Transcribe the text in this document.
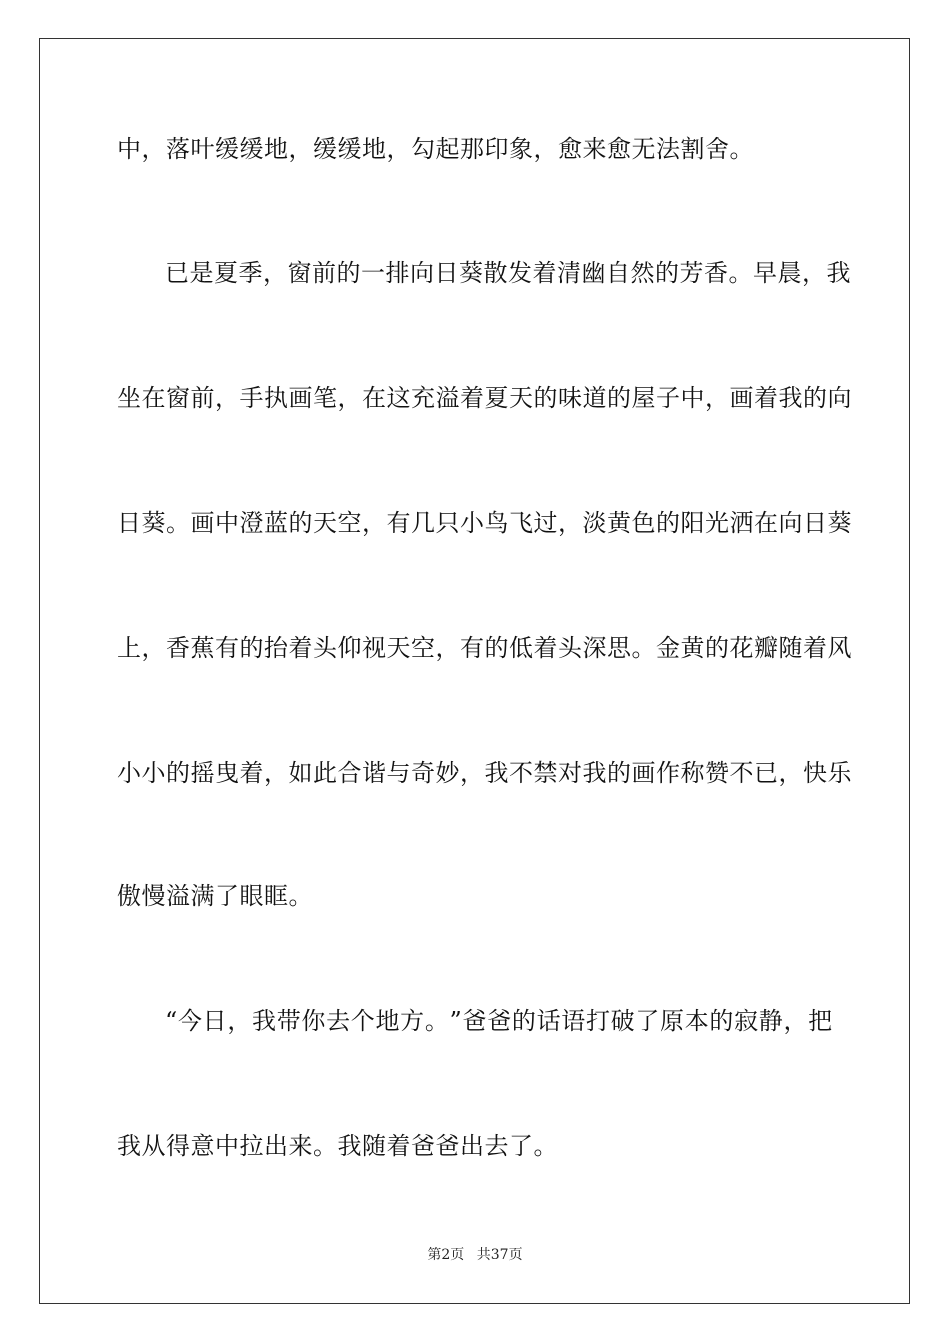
中，落叶缓缓地，缓缓地，勾起那印象，愈来愈无法割舍。
已 是 夏 季 ， 窗 前 的 一 排 向 日 葵 散 发 着 清 幽 自 然 的 芳 香 。 早 晨 ， 我
坐 在 窗 前 ， 手 执 画 笔 ， 在 这 充 溢 着 夏 天 的 味 道 的 屋 子 中 ， 画 着 我 的 向
日 葵 。 画 中 澄 蓝 的 天 空 ， 有 几 只 小 鸟 飞 过 ， 淡 黄 色 的 阳 光 洒 在 向 日 葵
上 ， 香 蕉 有 的 抬 着 头 仰 视 天 空 ， 有 的 低 着 头 深 思 。 金 黄 的 花 瓣 随 着 风
小 小 的 摇 曳 着 ， 如 此 合 谐 与 奇 妙 ， 我 不 禁 对 我 的 画 作 称 赞 不 已 ， 快 乐
傲慢溢满了眼眶。
“ 今 日 ， 我 带 你 去 个 地 方 。 ” 爸 爸 的 话 语 打 破 了 原 本 的 寂 静 ， 把
我从得意中拉出来。我随着爸爸出去了。
第2页 共37页
